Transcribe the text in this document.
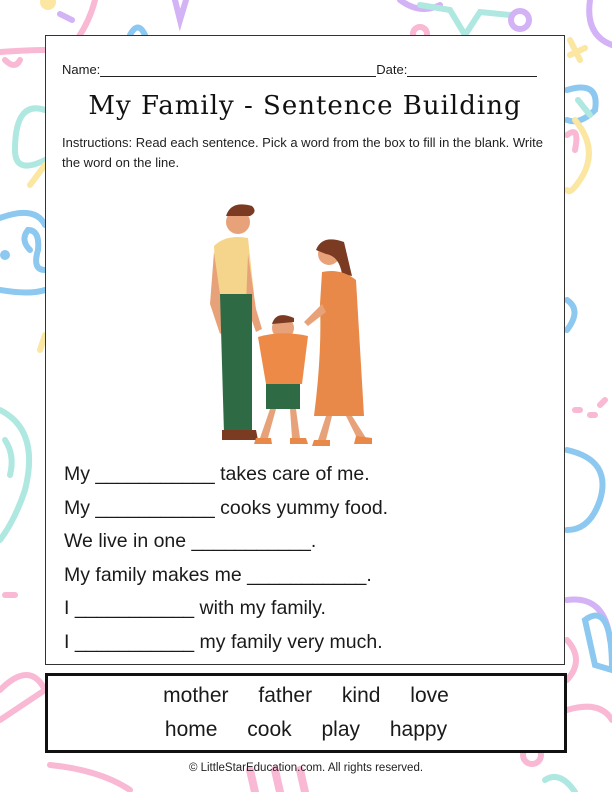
Name:	Date:
My Family - Sentence Building
Instructions: Read each sentence. Pick a word from the box to fill in the blank. Write the word on the line.
My ___________ takes care of me.
My ___________ cooks yummy food.
We live in one ___________.
My family makes me ___________.
I ___________ with my family.
I ___________ my family very much.
mother father kind love
home cook play happy
© LittleStarEducation.com. All rights reserved.
